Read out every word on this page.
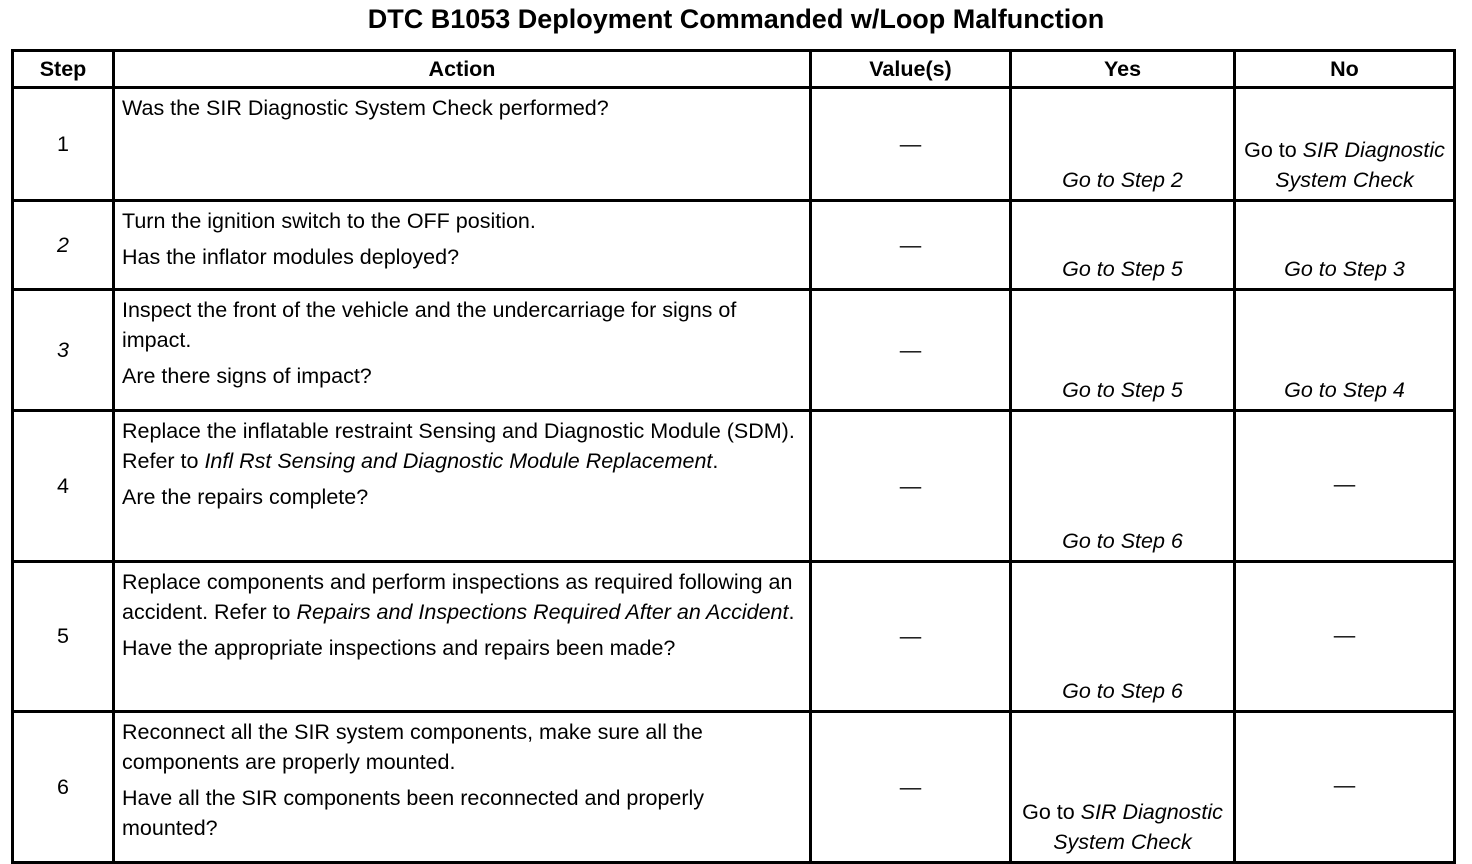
DTC B1053 Deployment Commanded w/Loop Malfunction
Step	Action	Value(s)	Yes	No
1	Was the SIR Diagnostic System Check performed?	—	Go to Step 2	Go to SIR Diagnostic System Check
2	Turn the ignition switch to the OFF position.
Has the inflator modules deployed?	—	Go to Step 5	Go to Step 3
3	Inspect the front of the vehicle and the undercarriage for signs of impact.
Are there signs of impact?	—	Go to Step 5	Go to Step 4
4	Replace the inflatable restraint Sensing and Diagnostic Module (SDM). Refer to Infl Rst Sensing and Diagnostic Module Replacement.
Are the repairs complete?	—	Go to Step 6	—
5	Replace components and perform inspections as required following an accident. Refer to Repairs and Inspections Required After an Accident.
Have the appropriate inspections and repairs been made?	—	Go to Step 6	—
6	Reconnect all the SIR system components, make sure all the components are properly mounted.
Have all the SIR components been reconnected and properly mounted?	—	Go to SIR Diagnostic System Check	—
